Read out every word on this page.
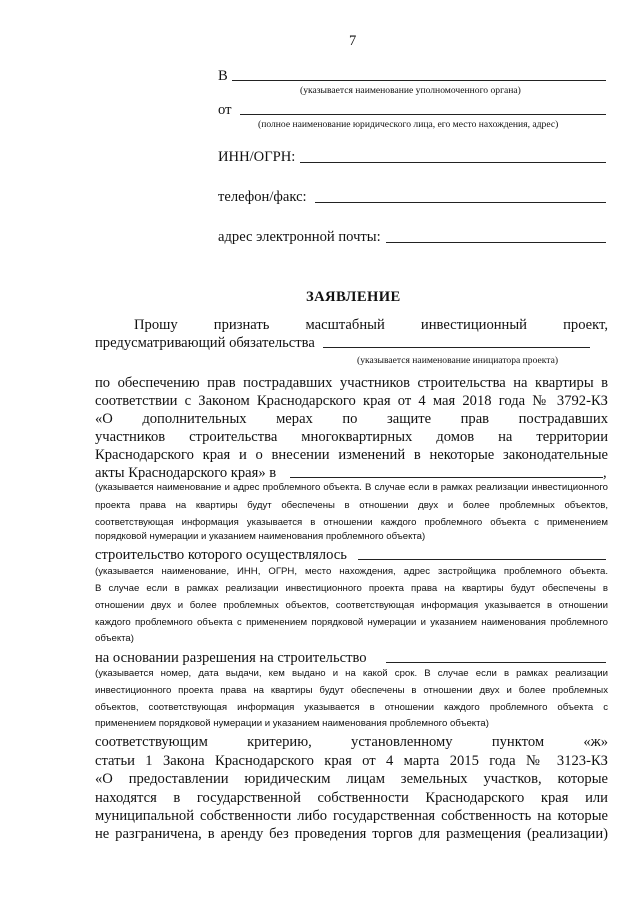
7
В
(указывается наименование уполномоченного органа)
от
(полное наименование юридического лица, его место нахождения, адрес)
ИНН/ОГРН:
телефон/факс:
адрес электронной почты:
ЗАЯВЛЕНИЕ
Прошу признать масштабный инвестиционный проект,
предусматривающий обязательства
(указывается наименование инициатора проекта)
по обеспечению прав пострадавших участников строительства на квартиры в
соответствии с Законом Краснодарского края от 4 мая 2018 года № 3792-КЗ
«О дополнительных мерах по защите прав пострадавших
участников строительства многоквартирных домов на территории
Краснодарского края и о внесении изменений в некоторые законодательные
акты Краснодарского края» в	,
(указывается наименование и адрес проблемного объекта. В случае если в рамках реализации инвестиционного
проекта права на квартиры будут обеспечены в отношении двух и более проблемных объектов,
соответствующая информация указывается в отношении каждого проблемного объекта с применением
порядковой нумерации и указанием наименования проблемного объекта)
строительство которого осуществлялось
(указывается наименование, ИНН, ОГРН, место нахождения, адрес застройщика проблемного объекта.
В случае если в рамках реализации инвестиционного проекта права на квартиры будут обеспечены в
отношении двух и более проблемных объектов, соответствующая информация указывается в отношении
каждого проблемного объекта с применением порядковой нумерации и указанием наименования проблемного
объекта)
на основании разрешения на строительство
(указывается номер, дата выдачи, кем выдано и на какой срок. В случае если в рамках реализации
инвестиционного проекта права на квартиры будут обеспечены в отношении двух и более проблемных
объектов, соответствующая информация указывается в отношении каждого проблемного объекта с
применением порядковой нумерации и указанием наименования проблемного объекта)
соответствующим критерию, установленному пунктом «ж»
статьи 1 Закона Краснодарского края от 4 марта 2015 года № 3123-КЗ
«О предоставлении юридическим лицам земельных участков, которые
находятся в государственной собственности Краснодарского края или
муниципальной собственности либо государственная собственность на которые
не разграничена, в аренду без проведения торгов для размещения (реализации)
